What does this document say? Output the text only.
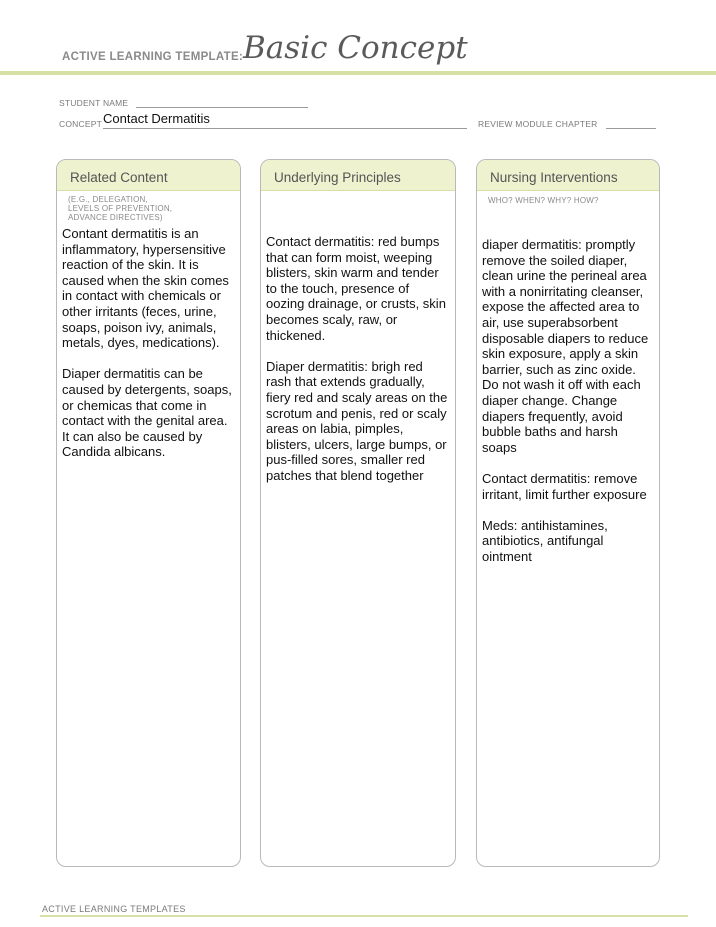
ACTIVE LEARNING TEMPLATE: Basic Concept
STUDENT NAME
CONCEPT Contact Dermatitis	REVIEW MODULE CHAPTER
Related Content
(E.G., DELEGATION,
LEVELS OF PREVENTION,
ADVANCE DIRECTIVES)

Contant dermatitis is an inflammatory, hypersensitive reaction of the skin. It is caused when the skin comes in contact with chemicals or other irritants (feces, urine, soaps, poison ivy, animals, metals, dyes, medications).

Diaper dermatitis can be caused by detergents, soaps, or chemicas that come in contact with the genital area. It can also be caused by Candida albicans.

Underlying Principles

Contact dermatitis: red bumps that can form moist, weeping blisters, skin warm and tender to the touch, presence of oozing drainage, or crusts, skin becomes scaly, raw, or thickened.

Diaper dermatitis: brigh red rash that extends gradually, fiery red and scaly areas on the scrotum and penis, red or scaly areas on labia, pimples, blisters, ulcers, large bumps, or pus-filled sores, smaller red patches that blend together

Nursing Interventions
WHO? WHEN? WHY? HOW?

diaper dermatitis: promptly remove the soiled diaper, clean urine the perineal area with a nonirritating cleanser, expose the affected area to air, use superabsorbent disposable diapers to reduce skin exposure, apply a skin barrier, such as zinc oxide. Do not wash it off with each diaper change. Change diapers frequently, avoid bubble baths and harsh soaps

Contact dermatitis: remove irritant, limit further exposure

Meds: antihistamines, antibiotics, antifungal ointment

ACTIVE LEARNING TEMPLATES
